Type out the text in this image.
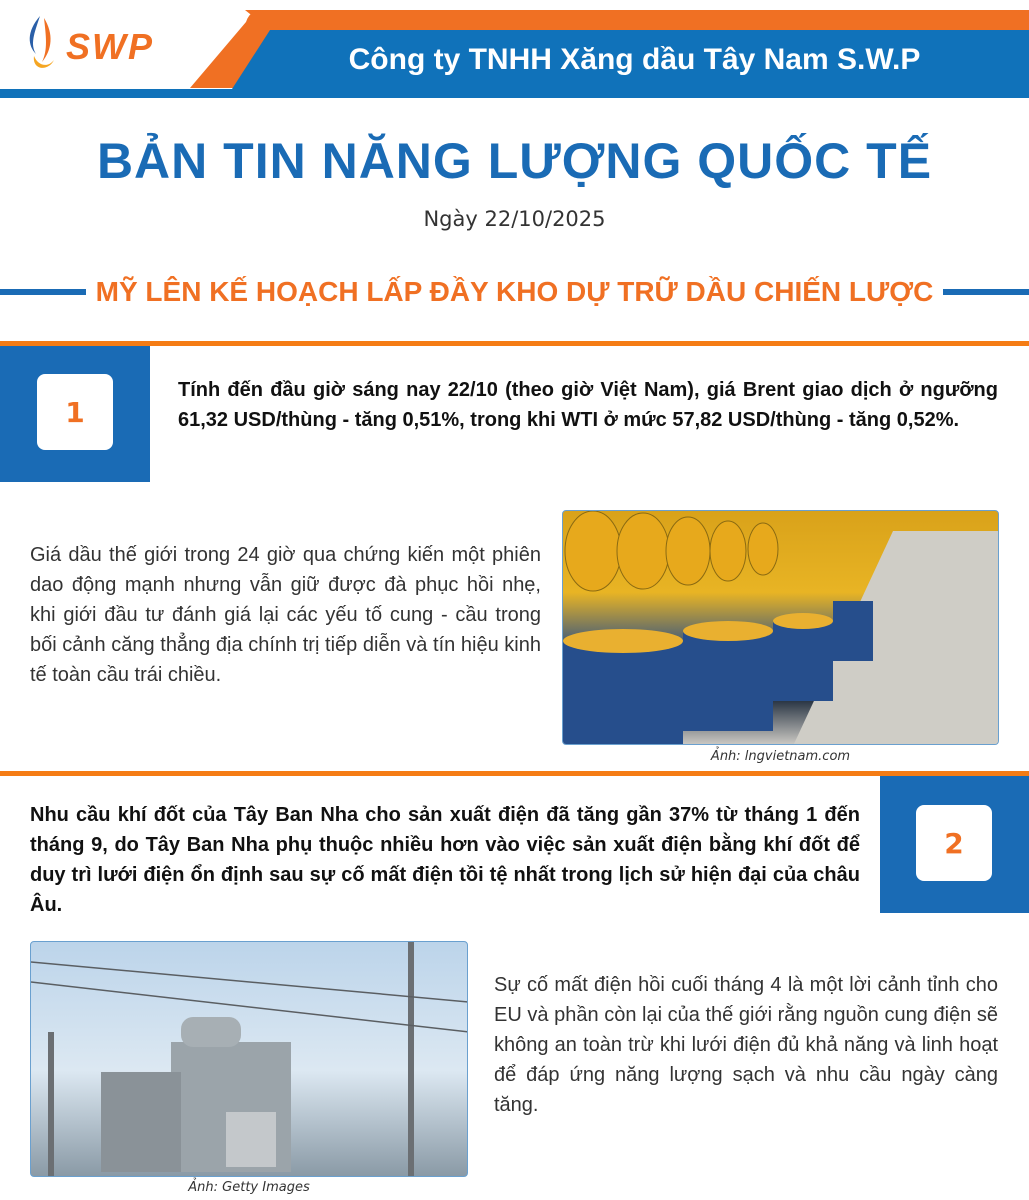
SWP	Công ty TNHH Xăng dầu Tây Nam S.W.P
BẢN TIN NĂNG LƯỢNG QUỐC TẾ
Ngày 22/10/2025
MỸ LÊN KẾ HOẠCH LẤP ĐẦY KHO DỰ TRỮ DẦU CHIẾN LƯỢC
1
Tính đến đầu giờ sáng nay 22/10 (theo giờ Việt Nam), giá Brent giao dịch ở ngưỡng 61,32 USD/thùng - tăng 0,51%, trong khi WTI ở mức 57,82 USD/thùng - tăng 0,52%.
Giá dầu thế giới trong 24 giờ qua chứng kiến một phiên dao động mạnh nhưng vẫn giữ được đà phục hồi nhẹ, khi giới đầu tư đánh giá lại các yếu tố cung - cầu trong bối cảnh căng thẳng địa chính trị tiếp diễn và tín hiệu kinh tế toàn cầu trái chiều.
Ảnh: lngvietnam.com
2
Nhu cầu khí đốt của Tây Ban Nha cho sản xuất điện đã tăng gần 37% từ tháng 1 đến tháng 9, do Tây Ban Nha phụ thuộc nhiều hơn vào việc sản xuất điện bằng khí đốt để duy trì lưới điện ổn định sau sự cố mất điện tồi tệ nhất trong lịch sử hiện đại của châu Âu.
Ảnh: Getty Images
Sự cố mất điện hồi cuối tháng 4 là một lời cảnh tỉnh cho EU và phần còn lại của thế giới rằng nguồn cung điện sẽ không an toàn trừ khi lưới điện đủ khả năng và linh hoạt để đáp ứng năng lượng sạch và nhu cầu ngày càng tăng.
